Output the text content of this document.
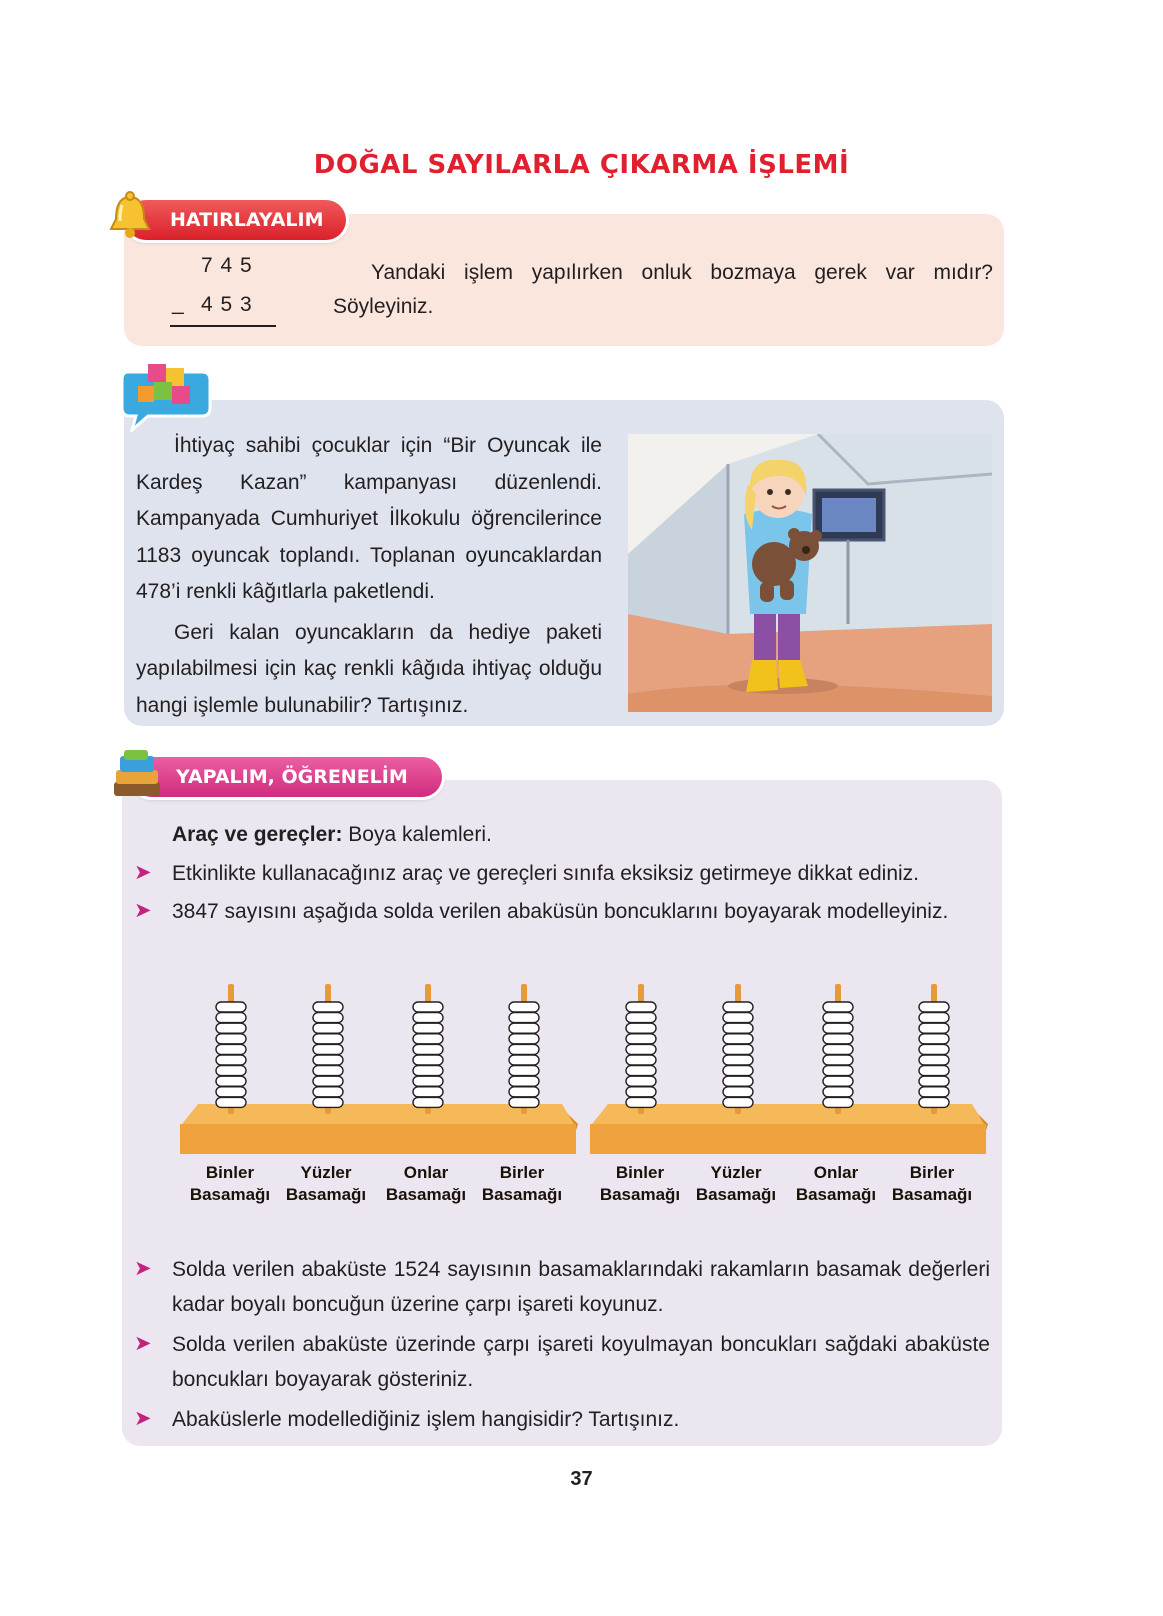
DOĞAL SAYILARLA ÇIKARMA İŞLEMİ
HATIRLAYALIM
7 4 5
_ 4 5 3
Yandaki işlem yapılırken onluk bozmaya gerek var mıdır? Söyleyiniz.

İhtiyaç sahibi çocuklar için “Bir Oyuncak ile Kardeş Kazan” kampanyası düzenlendi. Kampanyada Cumhuriyet İlkokulu öğrencilerince 1183 oyuncak toplandı. Toplanan oyuncaklardan 478’i renkli kâğıtlarla paketlendi.

Geri kalan oyuncakların da hediye paketi yapılabilmesi için kaç renkli kâğıda ihtiyaç olduğu hangi işlemle bulunabilir? Tartışınız.

YAPALIM, ÖĞRENELİM
Araç ve gereçler: Boya kalemleri.
➤ Etkinlikte kullanacağınız araç ve gereçleri sınıfa eksiksiz getirmeye dikkat ediniz.
➤ 3847 sayısını aşağıda solda verilen abaküsün boncuklarını boyayarak modelleyiniz.
Binler
Basamağı
Yüzler
Basamağı
Onlar
Basamağı
Birler
Basamağı
Binler
Basamağı
Yüzler
Basamağı
Onlar
Basamağı
Birler
Basamağı
➤ Solda verilen abaküste 1524 sayısının basamaklarındaki rakamların basamak değerleri kadar boyalı boncuğun üzerine çarpı işareti koyunuz.
➤ Solda verilen abaküste üzerinde çarpı işareti koyulmayan boncukları sağdaki abaküste boncukları boyayarak gösteriniz.
➤ Abaküslerle modellediğiniz işlem hangisidir? Tartışınız.
37
